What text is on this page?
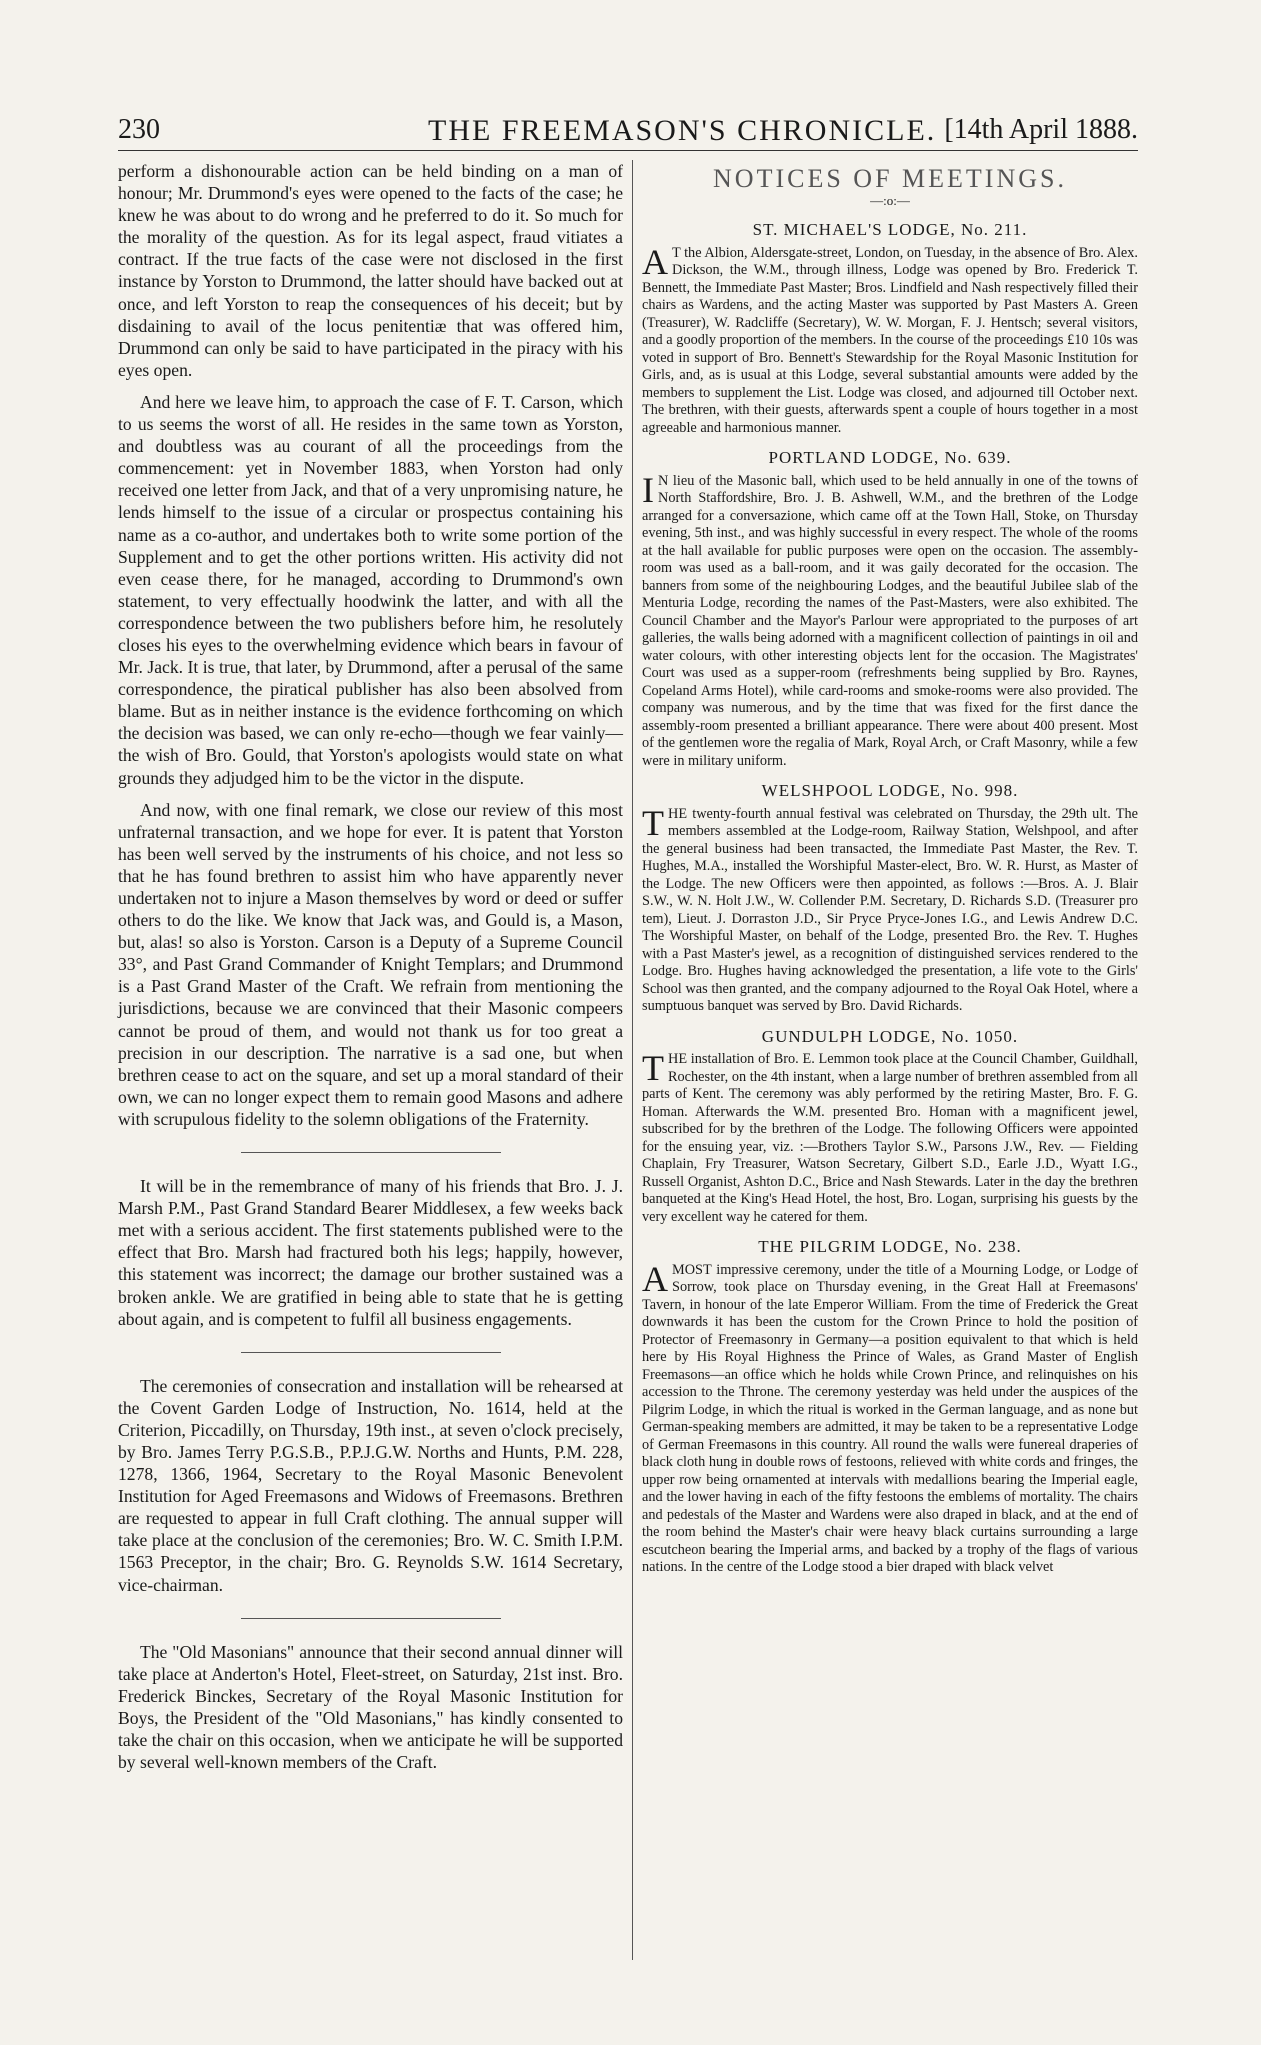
230	THE FREEMASON'S CHRONICLE. [14th April 1888.

perform a dishonourable action can be held binding on a man of honour; Mr. Drummond's eyes were opened to the facts of the case; he knew he was about to do wrong and he preferred to do it. So much for the morality of the question. As for its legal aspect, fraud vitiates a contract. If the true facts of the case were not disclosed in the first instance by Yorston to Drummond, the latter should have backed out at once, and left Yorston to reap the consequences of his deceit; but by disdaining to avail of the locus penitentiæ that was offered him, Drummond can only be said to have participated in the piracy with his eyes open.

And here we leave him, to approach the case of F. T. Carson, which to us seems the worst of all. He resides in the same town as Yorston, and doubtless was au courant of all the proceedings from the commencement: yet in November 1883, when Yorston had only received one letter from Jack, and that of a very unpromising nature, he lends himself to the issue of a circular or prospectus containing his name as a co-author, and undertakes both to write some portion of the Supplement and to get the other portions written. His activity did not even cease there, for he managed, according to Drummond's own statement, to very effectually hoodwink the latter, and with all the correspondence between the two publishers before him, he resolutely closes his eyes to the overwhelming evidence which bears in favour of Mr. Jack. It is true, that later, by Drummond, after a perusal of the same correspondence, the piratical publisher has also been absolved from blame. But as in neither instance is the evidence forthcoming on which the decision was based, we can only re-echo—though we fear vainly—the wish of Bro. Gould, that Yorston's apologists would state on what grounds they adjudged him to be the victor in the dispute.

And now, with one final remark, we close our review of this most unfraternal transaction, and we hope for ever. It is patent that Yorston has been well served by the instruments of his choice, and not less so that he has found brethren to assist him who have apparently never undertaken not to injure a Mason themselves by word or deed or suffer others to do the like. We know that Jack was, and Gould is, a Mason, but, alas! so also is Yorston. Carson is a Deputy of a Supreme Council 33°, and Past Grand Commander of Knight Templars; and Drummond is a Past Grand Master of the Craft. We refrain from mentioning the jurisdictions, because we are convinced that their Masonic compeers cannot be proud of them, and would not thank us for too great a precision in our description. The narrative is a sad one, but when brethren cease to act on the square, and set up a moral standard of their own, we can no longer expect them to remain good Masons and adhere with scrupulous fidelity to the solemn obligations of the Fraternity.

It will be in the remembrance of many of his friends that Bro. J. J. Marsh P.M., Past Grand Standard Bearer Middlesex, a few weeks back met with a serious accident. The first statements published were to the effect that Bro. Marsh had fractured both his legs; happily, however, this statement was incorrect; the damage our brother sustained was a broken ankle. We are gratified in being able to state that he is getting about again, and is competent to fulfil all business engagements.

The ceremonies of consecration and installation will be rehearsed at the Covent Garden Lodge of Instruction, No. 1614, held at the Criterion, Piccadilly, on Thursday, 19th inst., at seven o'clock precisely, by Bro. James Terry P.G.S.B., P.P.J.G.W. Norths and Hunts, P.M. 228, 1278, 1366, 1964, Secretary to the Royal Masonic Benevolent Institution for Aged Freemasons and Widows of Freemasons. Brethren are requested to appear in full Craft clothing. The annual supper will take place at the conclusion of the ceremonies; Bro. W. C. Smith I.P.M. 1563 Preceptor, in the chair; Bro. G. Reynolds S.W. 1614 Secretary, vice-chairman.

The "Old Masonians" announce that their second annual dinner will take place at Anderton's Hotel, Fleet-street, on Saturday, 21st inst. Bro. Frederick Binckes, Secretary of the Royal Masonic Institution for Boys, the President of the "Old Masonians," has kindly consented to take the chair on this occasion, when we anticipate he will be supported by several well-known members of the Craft.

NOTICES OF MEETINGS.
—:o:—
ST. MICHAEL'S LODGE, No. 211.

A T the Albion, Aldersgate-street, London, on Tuesday, in the absence of Bro. Alex. Dickson, the W.M., through illness, Lodge was opened by Bro. Frederick T. Bennett, the Immediate Past Master; Bros. Lindfield and Nash respectively filled their chairs as Wardens, and the acting Master was supported by Past Masters A. Green (Treasurer), W. Radcliffe (Secretary), W. W. Morgan, F. J. Hentsch; several visitors, and a goodly proportion of the members. In the course of the proceedings £10 10s was voted in support of Bro. Bennett's Stewardship for the Royal Masonic Institution for Girls, and, as is usual at this Lodge, several substantial amounts were added by the members to supplement the List. Lodge was closed, and adjourned till October next. The brethren, with their guests, afterwards spent a couple of hours together in a most agreeable and harmonious manner.

PORTLAND LODGE, No. 639.

I N lieu of the Masonic ball, which used to be held annually in one of the towns of North Staffordshire, Bro. J. B. Ashwell, W.M., and the brethren of the Lodge arranged for a conversazione, which came off at the Town Hall, Stoke, on Thursday evening, 5th inst., and was highly successful in every respect. The whole of the rooms at the hall available for public purposes were open on the occasion. The assembly-room was used as a ball-room, and it was gaily decorated for the occasion. The banners from some of the neighbouring Lodges, and the beautiful Jubilee slab of the Menturia Lodge, recording the names of the Past-Masters, were also exhibited. The Council Chamber and the Mayor's Parlour were appropriated to the purposes of art galleries, the walls being adorned with a magnificent collection of paintings in oil and water colours, with other interesting objects lent for the occasion. The Magistrates' Court was used as a supper-room (refreshments being supplied by Bro. Raynes, Copeland Arms Hotel), while card-rooms and smoke-rooms were also provided. The company was numerous, and by the time that was fixed for the first dance the assembly-room presented a brilliant appearance. There were about 400 present. Most of the gentlemen wore the regalia of Mark, Royal Arch, or Craft Masonry, while a few were in military uniform.

WELSHPOOL LODGE, No. 998.

THE twenty-fourth annual festival was celebrated on Thursday, the 29th ult. The members assembled at the Lodge-room, Railway Station, Welshpool, and after the general business had been transacted, the Immediate Past Master, the Rev. T. Hughes, M.A., installed the Worshipful Master-elect, Bro. W. R. Hurst, as Master of the Lodge. The new Officers were then appointed, as follows :—Bros. A. J. Blair S.W., W. N. Holt J.W., W. Collender P.M. Secretary, D. Richards S.D. (Treasurer pro tem), Lieut. J. Dorraston J.D., Sir Pryce Pryce-Jones I.G., and Lewis Andrew D.C. The Worshipful Master, on behalf of the Lodge, presented Bro. the Rev. T. Hughes with a Past Master's jewel, as a recognition of distinguished services rendered to the Lodge. Bro. Hughes having acknowledged the presentation, a life vote to the Girls' School was then granted, and the company adjourned to the Royal Oak Hotel, where a sumptuous banquet was served by Bro. David Richards.

GUNDULPH LODGE, No. 1050.

THE installation of Bro. E. Lemmon took place at the Council Chamber, Guildhall, Rochester, on the 4th instant, when a large number of brethren assembled from all parts of Kent. The ceremony was ably performed by the retiring Master, Bro. F. G. Homan. Afterwards the W.M. presented Bro. Homan with a magnificent jewel, subscribed for by the brethren of the Lodge. The following Officers were appointed for the ensuing year, viz. :—Brothers Taylor S.W., Parsons J.W., Rev. — Fielding Chaplain, Fry Treasurer, Watson Secretary, Gilbert S.D., Earle J.D., Wyatt I.G., Russell Organist, Ashton D.C., Brice and Nash Stewards. Later in the day the brethren banqueted at the King's Head Hotel, the host, Bro. Logan, surprising his guests by the very excellent way he catered for them.

THE PILGRIM LODGE, No. 238.

AMOST impressive ceremony, under the title of a Mourning Lodge, or Lodge of Sorrow, took place on Thursday evening, in the Great Hall at Freemasons' Tavern, in honour of the late Emperor William. From the time of Frederick the Great downwards it has been the custom for the Crown Prince to hold the position of Protector of Freemasonry in Germany—a position equivalent to that which is held here by His Royal Highness the Prince of Wales, as Grand Master of English Freemasons—an office which he holds while Crown Prince, and relinquishes on his accession to the Throne. The ceremony yesterday was held under the auspices of the Pilgrim Lodge, in which the ritual is worked in the German language, and as none but German-speaking members are admitted, it may be taken to be a representative Lodge of German Freemasons in this country. All round the walls were funereal draperies of black cloth hung in double rows of festoons, relieved with white cords and fringes, the upper row being ornamented at intervals with medallions bearing the Imperial eagle, and the lower having in each of the fifty festoons the emblems of mortality. The chairs and pedestals of the Master and Wardens were also draped in black, and at the end of the room behind the Master's chair were heavy black curtains surrounding a large escutcheon bearing the Imperial arms, and backed by a trophy of the flags of various nations. In the centre of the Lodge stood a bier draped with black velvet
